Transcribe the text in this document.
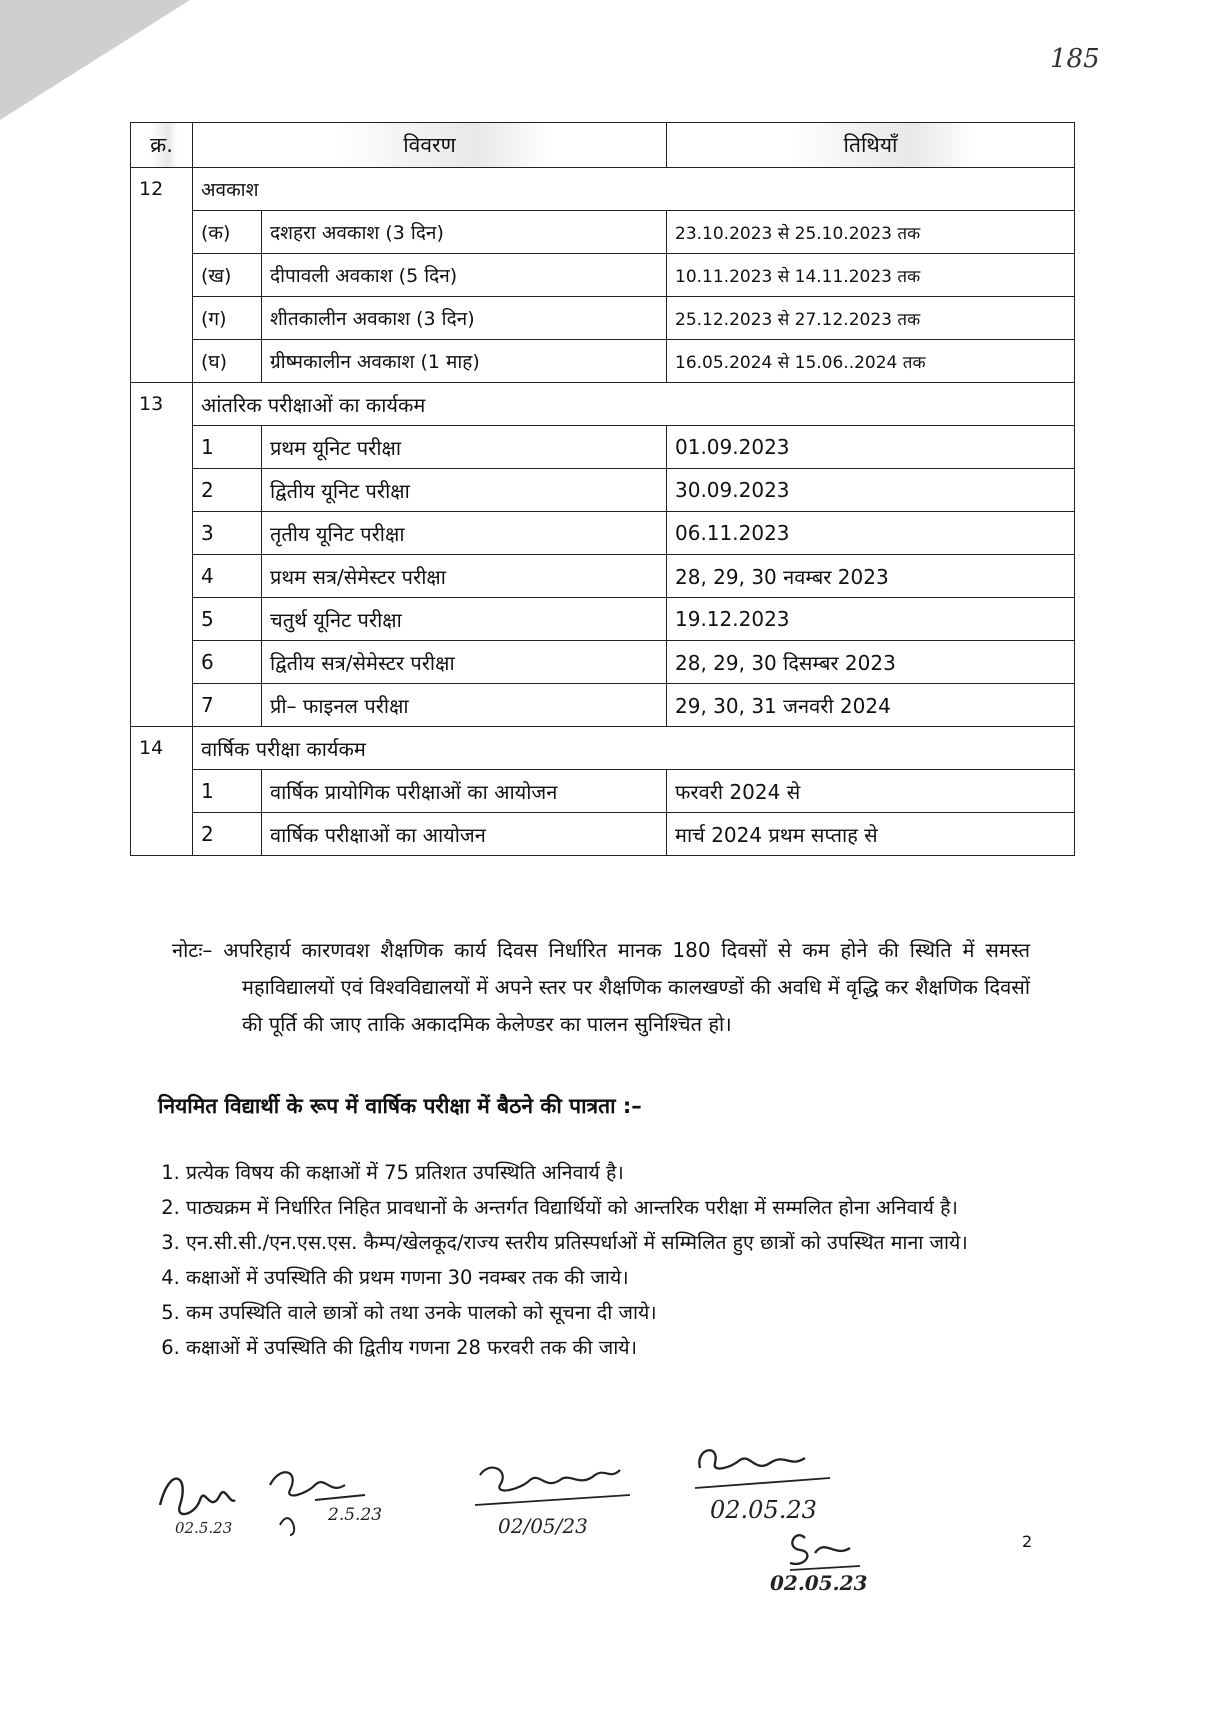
185
क्र.	विवरण		तिथियाँ
12	अवकाश		
	(क)	दशहरा अवकाश (3 दिन)	23.10.2023 से 25.10.2023 तक
	(ख)	दीपावली अवकाश (5 दिन)	10.11.2023 से 14.11.2023 तक
	(ग)	शीतकालीन अवकाश (3 दिन)	25.12.2023 से 27.12.2023 तक
	(घ)	ग्रीष्मकालीन अवकाश (1 माह)	16.05.2024 से 15.06..2024 तक
13	आंतरिक परीक्षाओं का कार्यकम		
	1	प्रथम यूनिट परीक्षा	01.09.2023
	2	द्वितीय यूनिट परीक्षा	30.09.2023
	3	तृतीय यूनिट परीक्षा	06.11.2023
	4	प्रथम सत्र/सेमेस्टर परीक्षा	28, 29, 30 नवम्बर 2023
	5	चतुर्थ यूनिट परीक्षा	19.12.2023
	6	द्वितीय सत्र/सेमेस्टर परीक्षा	28, 29, 30 दिसम्बर 2023
	7	प्री– फाइनल परीक्षा	29, 30, 31 जनवरी 2024
14	वार्षिक परीक्षा कार्यकम		
	1	वार्षिक प्रायोगिक परीक्षाओं का आयोजन	फरवरी 2024 से
	2	वार्षिक परीक्षाओं का आयोजन	मार्च 2024 प्रथम सप्ताह से
नोटः– अपरिहार्य कारणवश शैक्षणिक कार्य दिवस निर्धारित मानक 180 दिवसों से कम होने की स्थिति में समस्त महाविद्यालयों एवं विश्वविद्यालयों में अपने स्तर पर शैक्षणिक कालखण्डों की अवधि में वृद्धि कर शैक्षणिक दिवसों की पूर्ति की जाए ताकि अकादमिक केलेण्डर का पालन सुनिश्चित हो।
नियमित विद्यार्थी के रूप में वार्षिक परीक्षा में बैठने की पात्रता :–
1. प्रत्येक विषय की कक्षाओं में 75 प्रतिशत उपस्थिति अनिवार्य है।
2. पाठ्यक्रम में निर्धारित निहित प्रावधानों के अन्तर्गत विद्यार्थियों को आन्तरिक परीक्षा में सम्मलित होना अनिवार्य है।
3. एन.सी.सी./एन.एस.एस. कैम्प/खेलकूद/राज्य स्तरीय प्रतिस्पर्धाओं में सम्मिलित हुए छात्रों को उपस्थित माना जाये।
4. कक्षाओं में उपस्थिति की प्रथम गणना 30 नवम्बर तक की जाये।
5. कम उपस्थिति वाले छात्रों को तथा उनके पालको को सूचना दी जाये।
6. कक्षाओं में उपस्थिति की द्वितीय गणना 28 फरवरी तक की जाये।
02.5.23
2.5.23	02/05/23
02.05.23
02.05.23
2
